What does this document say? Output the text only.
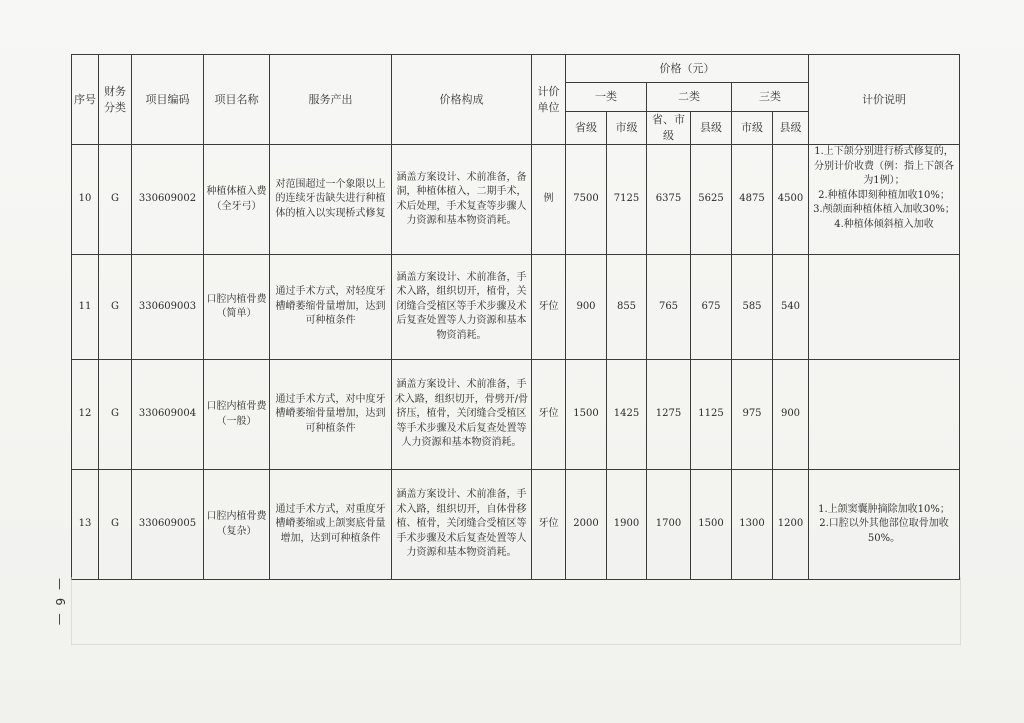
序号	财务分类	项目编码	项目名称	服务产出	价格构成	计价单位	价格（元）						计价说明
							一类		二类		三类		
							省级	市级	省、市级	县级	市级	县级	
10	G	330609002	种植体植入费（全牙弓）	对范围超过一个象限以上的连续牙齿缺失进行种植体的植入以实现桥式修复	涵盖方案设计、术前准备，备洞，种植体植入，二期手术，术后处理，手术复查等步骤人力资源和基本物资消耗。	例	7500	7125	6375	5625	4875	4500	1.上下颌分别进行桥式修复的，分别计价收费（例：指上下颌各为1例）；
2.种植体即刻种植加收10%；
3.颅颌面种植体植入加收30%；
4.种植体倾斜植入加收
11	G	330609003	口腔内植骨费（简单）	通过手术方式，对轻度牙槽嵴萎缩骨量增加，达到可种植条件	涵盖方案设计、术前准备，手术入路，组织切开，植骨，关闭缝合受植区等手术步骤及术后复查处置等人力资源和基本物资消耗。	牙位	900	855	765	675	585	540	
12	G	330609004	口腔内植骨费（一般）	通过手术方式，对中度牙槽嵴萎缩骨量增加，达到可种植条件	涵盖方案设计、术前准备，手术入路，组织切开，骨劈开/骨挤压，植骨，关闭缝合受植区等手术步骤及术后复查处置等人力资源和基本物资消耗。	牙位	1500	1425	1275	1125	975	900	
13	G	330609005	口腔内植骨费（复杂）	通过手术方式，对重度牙槽嵴萎缩或上颌窦底骨量增加，达到可种植条件	涵盖方案设计、术前准备，手术入路，组织切开，自体骨移植、植骨，关闭缝合受植区等手术步骤及术后复查处置等人力资源和基本物资消耗。	牙位	2000	1900	1700	1500	1300	1200	1.上颌窦囊肿摘除加收10%；
2.口腔以外其他部位取骨加收50%。
— 6 —
